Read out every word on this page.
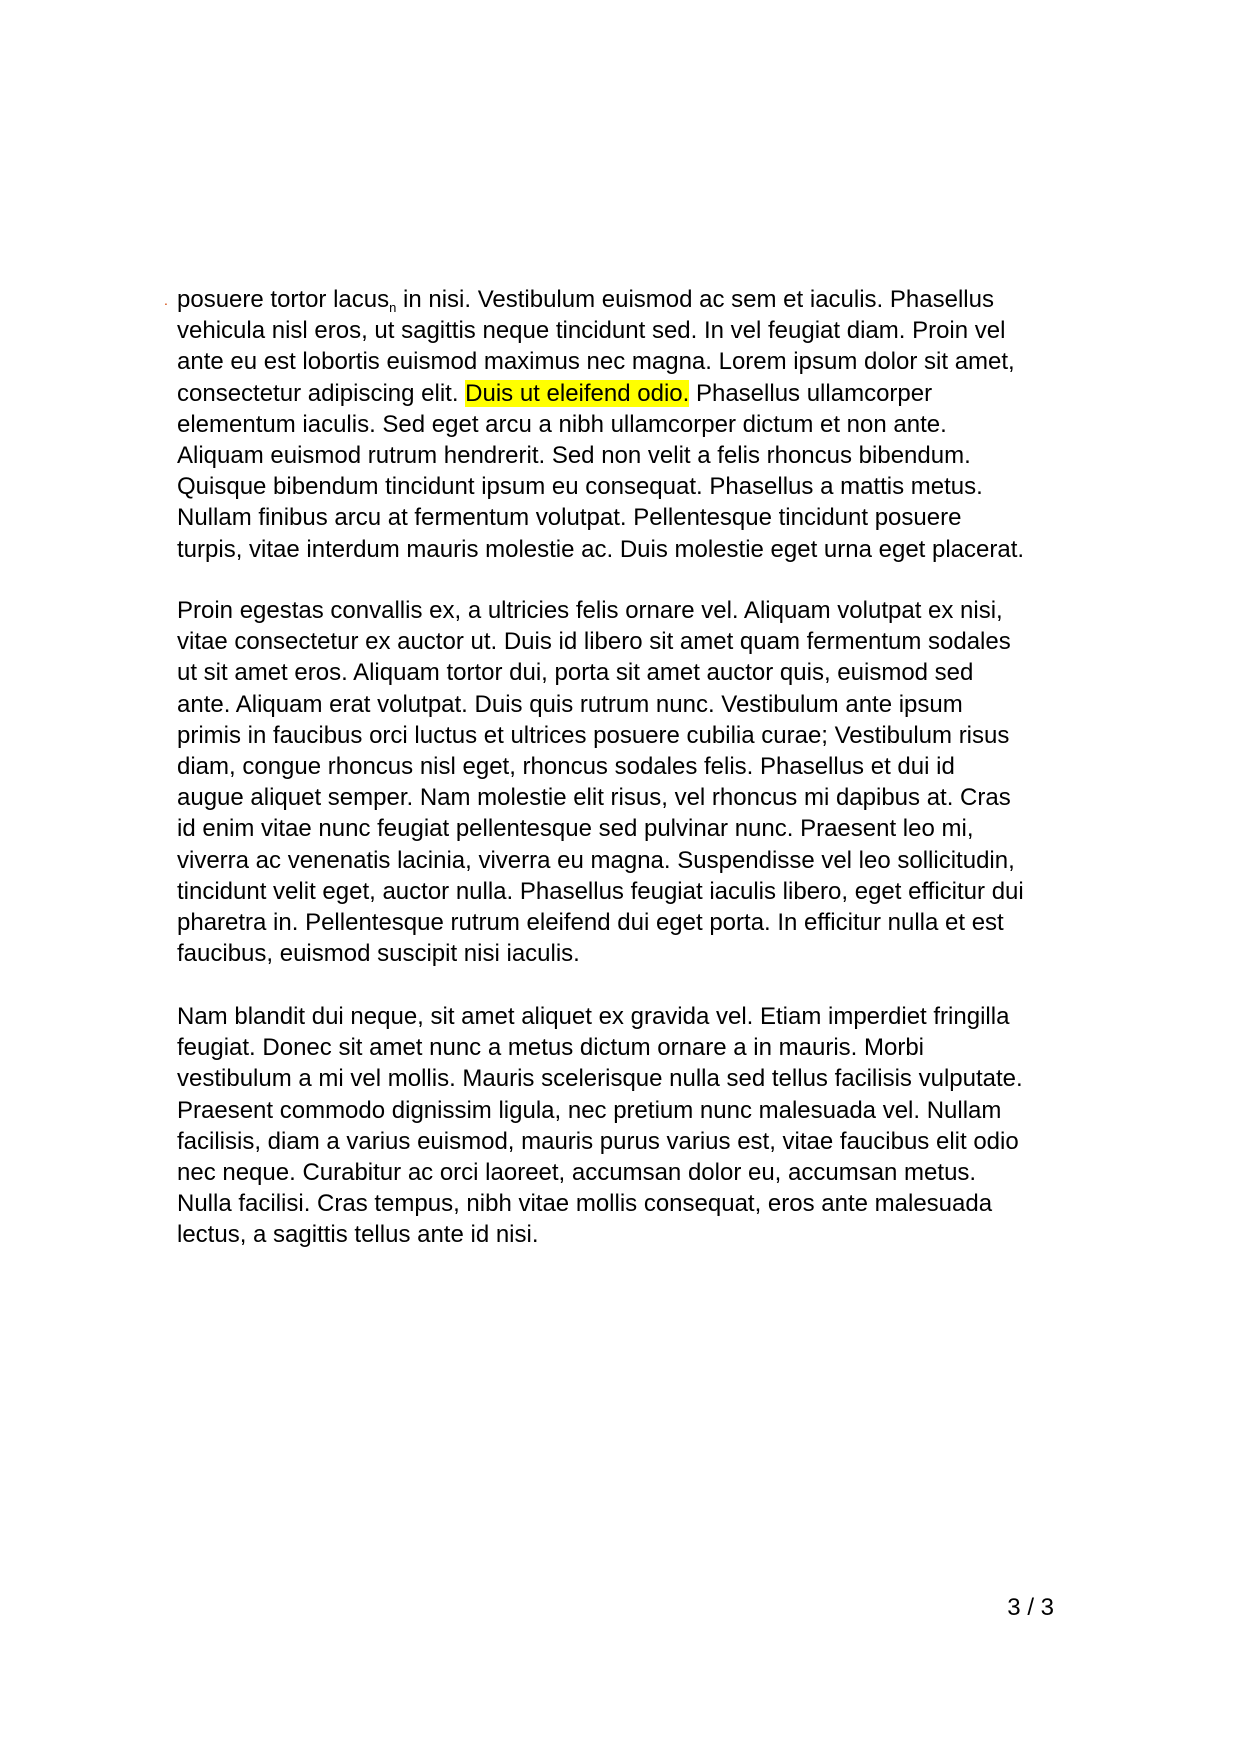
. posuere tortor lacus$_n$ in nisi. Vestibulum euismod ac sem et iaculis. Phasellus

vehicula nisl eros, ut sagittis neque tincidunt sed. In vel feugiat diam. Proin vel

ante eu est lobortis euismod maximus nec magna. Lorem ipsum dolor sit amet,

consectetur adipiscing elit. Duis ut eleifend odio. Phasellus ullamcorper

elementum iaculis. Sed eget arcu a nibh ullamcorper dictum et non ante.

Aliquam euismod rutrum hendrerit. Sed non velit a felis rhoncus bibendum.

Quisque bibendum tincidunt ipsum eu consequat. Phasellus a mattis metus.

Nullam finibus arcu at fermentum volutpat. Pellentesque tincidunt posuere

turpis, vitae interdum mauris molestie ac. Duis molestie eget urna eget placerat.

Proin egestas convallis ex, a ultricies felis ornare vel. Aliquam volutpat ex nisi,

vitae consectetur ex auctor ut. Duis id libero sit amet quam fermentum sodales

ut sit amet eros. Aliquam tortor dui, porta sit amet auctor quis, euismod sed

ante. Aliquam erat volutpat. Duis quis rutrum nunc. Vestibulum ante ipsum

primis in faucibus orci luctus et ultrices posuere cubilia curae; Vestibulum risus

diam, congue rhoncus nisl eget, rhoncus sodales felis. Phasellus et dui id

augue aliquet semper. Nam molestie elit risus, vel rhoncus mi dapibus at. Cras

id enim vitae nunc feugiat pellentesque sed pulvinar nunc. Praesent leo mi,

viverra ac venenatis lacinia, viverra eu magna. Suspendisse vel leo sollicitudin,

tincidunt velit eget, auctor nulla. Phasellus feugiat iaculis libero, eget efficitur dui

pharetra in. Pellentesque rutrum eleifend dui eget porta. In efficitur nulla et est

faucibus, euismod suscipit nisi iaculis.

Nam blandit dui neque, sit amet aliquet ex gravida vel. Etiam imperdiet fringilla

feugiat. Donec sit amet nunc a metus dictum ornare a in mauris. Morbi

vestibulum a mi vel mollis. Mauris scelerisque nulla sed tellus facilisis vulputate.

Praesent commodo dignissim ligula, nec pretium nunc malesuada vel. Nullam

facilisis, diam a varius euismod, mauris purus varius est, vitae faucibus elit odio

nec neque. Curabitur ac orci laoreet, accumsan dolor eu, accumsan metus.

Nulla facilisi. Cras tempus, nibh vitae mollis consequat, eros ante malesuada

lectus, a sagittis tellus ante id nisi.

3 / 3
